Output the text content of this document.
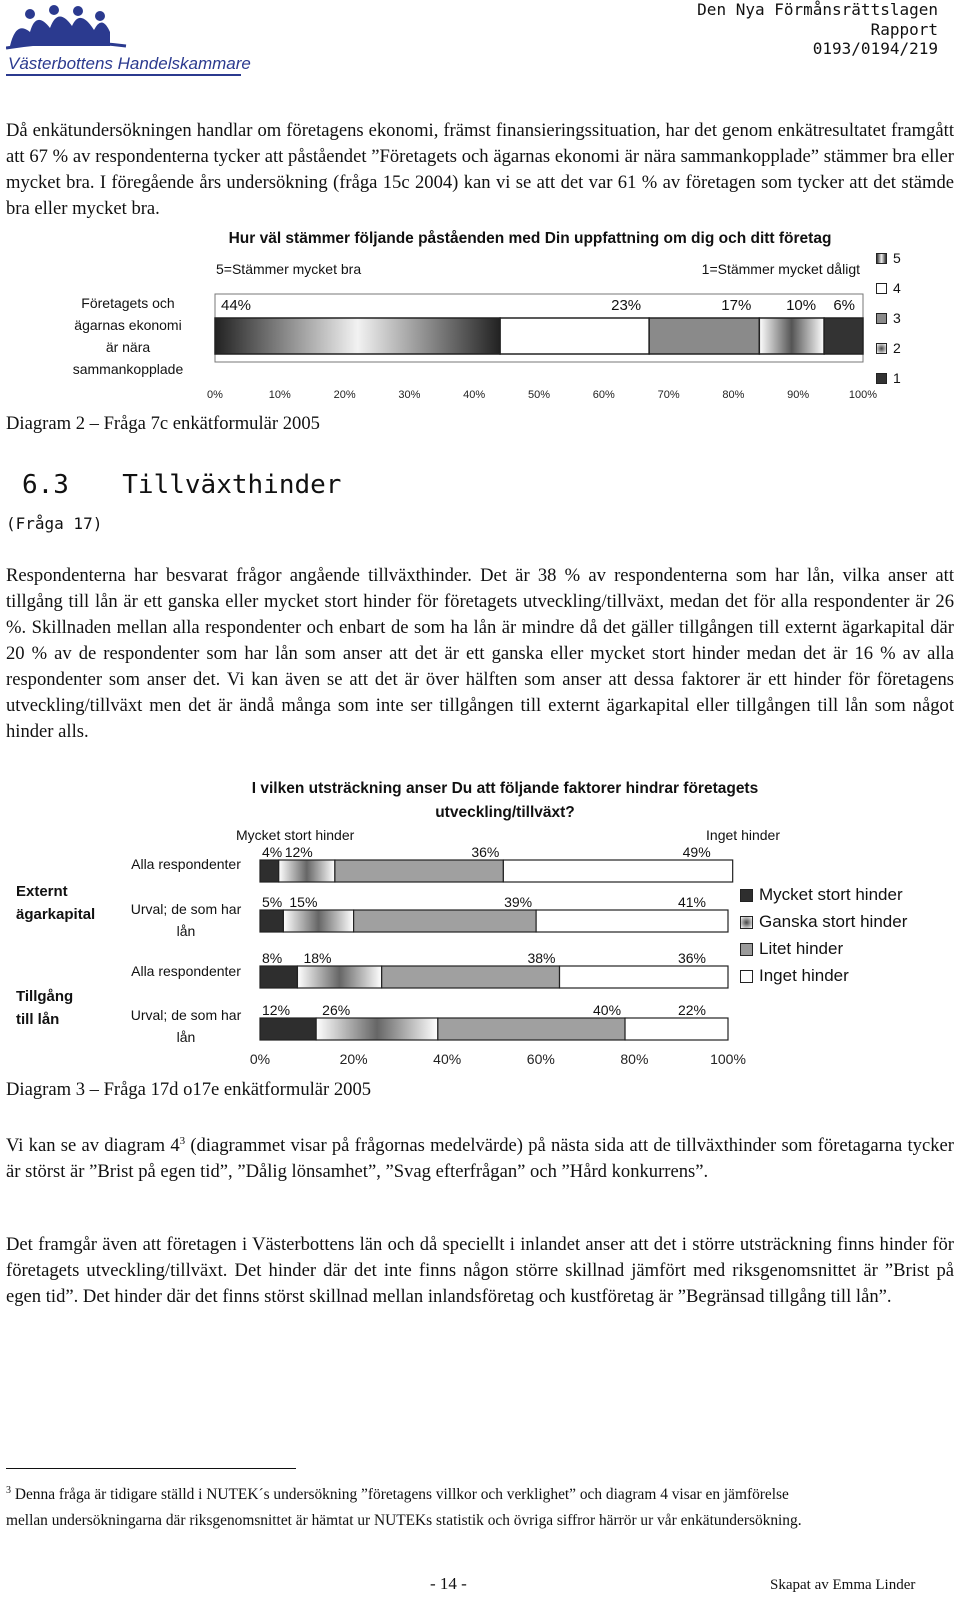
Västerbottens Handelskammare
Den Nya Förmånsrättslagen
Rapport
0193/0194/219
Då enkätundersökningen handlar om företagens ekonomi, främst finansieringssituation, har det genom enkätresultatet framgått att 67 % av respondenterna tycker att påståendet ”Företagets och ägarnas ekonomi är nära sammankopplade” stämmer bra eller mycket bra. I föregående års undersökning (fråga 15c 2004) kan vi se att det var 61 % av företagen som tycker att det stämde bra eller mycket bra.
Hur väl stämmer följande påståenden med Din uppfattning om dig och ditt företag
5=Stämmer mycket bra	1=Stämmer mycket dåligt
Företagets och
ägarnas ekonomi
är nära
sammankopplade
44%	23%	17% 10% 6%
0%	10%	20%	30%	40%	50%	60%	70%	80%	90%	100%
5
4
3
2
1
Diagram 2 – Fråga 7c enkätformulär 2005
6.3 Tillväxthinder
(Fråga 17)
Respondenterna har besvarat frågor angående tillväxthinder. Det är 38 % av respondenterna som har lån, vilka anser att tillgång till lån är ett ganska eller mycket stort hinder för företagets utveckling/tillväxt, medan det för alla respondenter är 26 %. Skillnaden mellan alla respondenter och enbart de som ha lån är mindre då det gäller tillgången till externt ägarkapital där 20 % av de respondenter som har lån som anser att det är ett ganska eller mycket stort hinder medan det är 16 % av alla respondenter som anser det. Vi kan även se att det är över hälften som anser att dessa faktorer är ett hinder för företagens utveckling/tillväxt men det är ändå många som inte ser tillgången till externt ägarkapital eller tillgången till lån som något hinder alls.
I vilken utsträckning anser Du att följande faktorer hindrar företagets
utveckling/tillväxt?
Mycket stort hinder	Inget hinder
Externt
ägarkapital
Tillgång
till lån
Alla respondenter
Urval; de som har
lån
Alla respondenter
Urval; de som har
lån
4% 12%	36%	49%
5% 15%	39%	41%
8% 18%	38%	36%
12% 26%	40%	22%
0%	20%	40%	60%	80%	100%
Mycket stort hinder
Ganska stort hinder
Litet hinder
Inget hinder
Diagram 3 – Fråga 17d o17e enkätformulär 2005
Vi kan se av diagram $4^3$ (diagrammet visar på frågornas medelvärde) på nästa sida att de tillväxthinder som företagarna tycker är störst är ”Brist på egen tid”, ”Dålig lönsamhet”, ”Svag efterfrågan” och ”Hård konkurrens”.
Det framgår även att företagen i Västerbottens län och då speciellt i inlandet anser att det i större utsträckning finns hinder för företagets utveckling/tillväxt. Det hinder där det inte finns någon större skillnad jämfört med riksgenomsnittet är ”Brist på egen tid”. Det hinder där det finns störst skillnad mellan inlandsföretag och kustföretag är ”Begränsad tillgång till lån”.
$^3$ Denna fråga är tidigare ställd i NUTEK´s undersökning ”företagens villkor och verklighet” och diagram 4 visar en jämförelse
mellan undersökningarna där riksgenomsnittet är hämtat ur NUTEKs statistik och övriga siffror härrör ur vår enkätundersökning.
- 14 -	Skapat av Emma Linder
